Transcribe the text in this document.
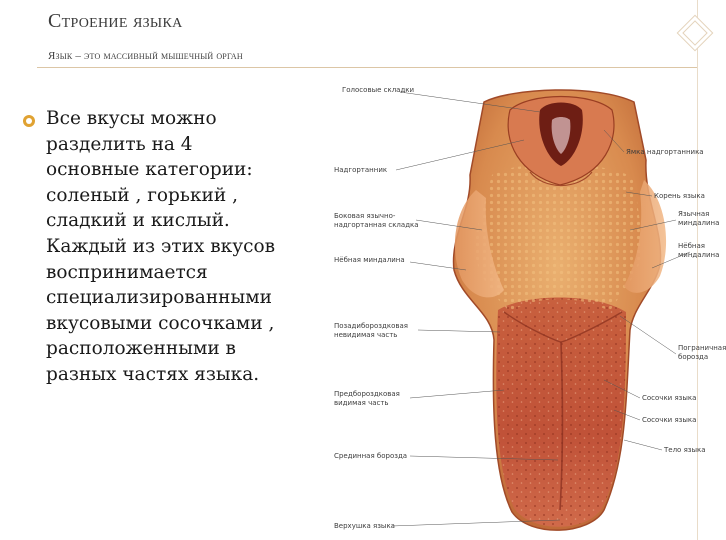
Строение языка

Язык – это массивный мышечный орган

Все вкусы можно
разделить на 4
основные категории:
соленый , горький ,
сладкий и кислый.
Каждый из этих вкусов
воспринимается
специализированными
вкусовыми сосочками ,
расположенными в
разных частях языка.

Голосовые складки
Надгортанник
Боковая язычно-
надгортанная складка
Нёбная миндалина
Позадибороздковая
невидимая часть
Предбороздковая
видимая часть
Срединная борозда
Верхушка языка
Ямка надгортанника
Корень языка
Язычная
миндалина
Нёбная
миндалина
Пограничная
борозда
Сосочки языка
Сосочки языка
Тело языка
